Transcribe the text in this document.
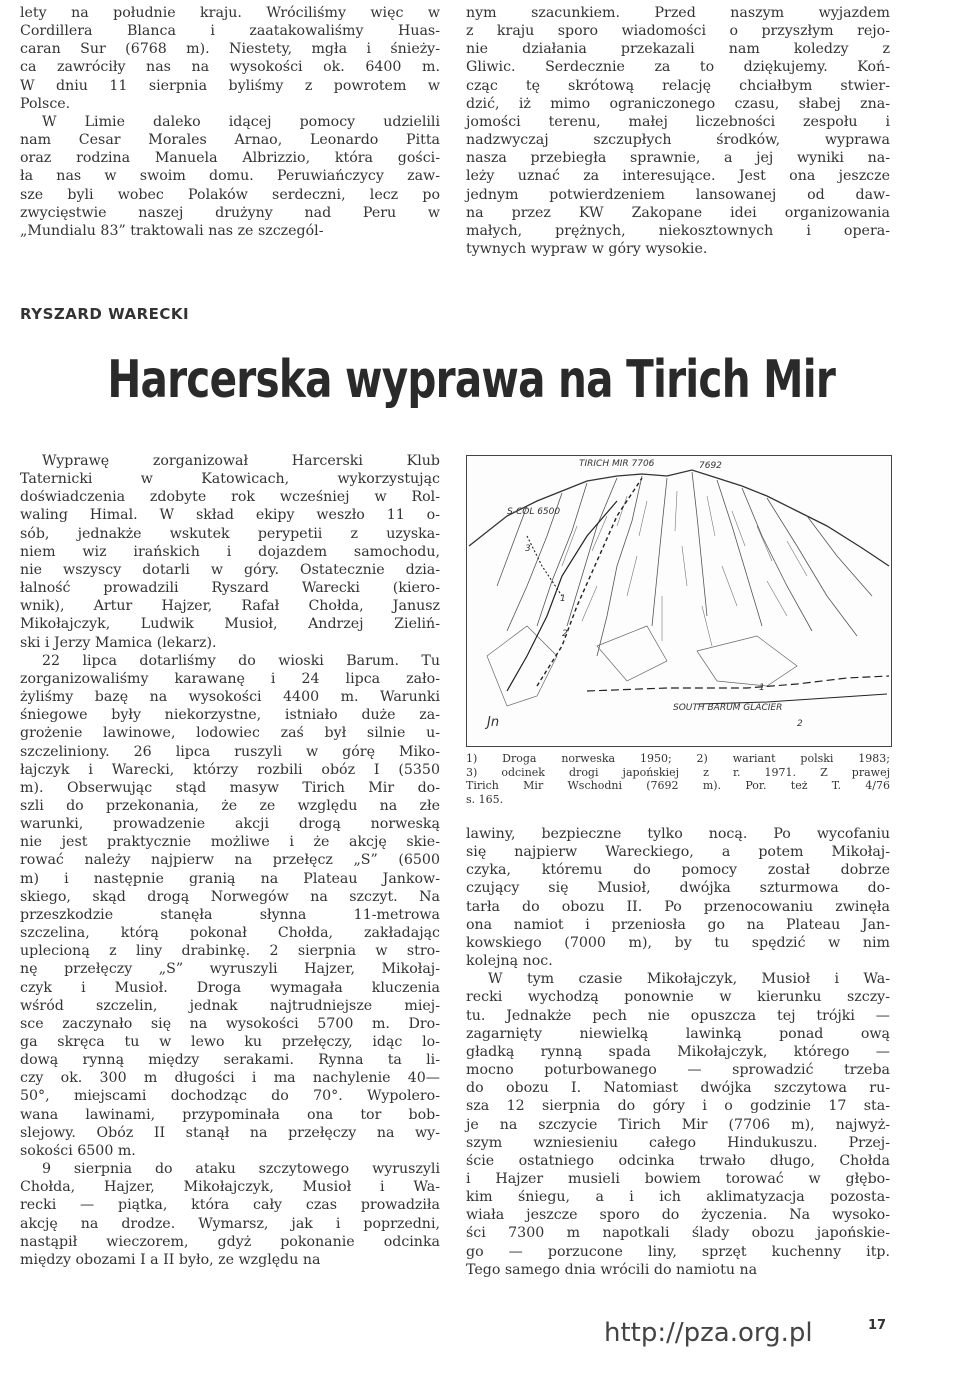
lety na południe kraju. Wróciliśmy więc w
Cordillera Blanca i zaatakowaliśmy Huas-
caran Sur (6768 m). Niestety, mgła i śnieży-
ca zawróciły nas na wysokości ok. 6400 m.
W dniu 11 sierpnia byliśmy z powrotem w
Polsce.
W Limie daleko idącej pomocy udzielili
nam Cesar Morales Arnao, Leonardo Pitta
oraz rodzina Manuela Albrizzio, która gości-
ła nas w swoim domu. Peruwiańczycy zaw-
sze byli wobec Polaków serdeczni, lecz po
zwycięstwie naszej drużyny nad Peru w
„Mundialu 83” traktowali nas ze szczegól-
nym szacunkiem. Przed naszym wyjazdem
z kraju sporo wiadomości o przyszłym rejo-
nie działania przekazali nam koledzy z
Gliwic. Serdecznie za to dziękujemy. Koń-
cząc tę skrótową relację chciałbym stwier-
dzić, iż mimo ograniczonego czasu, słabej zna-
jomości terenu, małej liczebności zespołu i
nadzwyczaj szczupłych środków, wyprawa
nasza przebiegła sprawnie, a jej wyniki na-
leży uznać za interesujące. Jest ona jeszcze
jednym potwierdzeniem lansowanej od daw-
na przez KW Zakopane idei organizowania
małych, prężnych, niekosztownych i opera-
tywnych wypraw w góry wysokie.
RYSZARD WARECKI
Harcerska wyprawa na Tirich Mir
Wyprawę zorganizował Harcerski Klub
Taternicki w Katowicach, wykorzystując
doświadczenia zdobyte rok wcześniej w Rol-
waling Himal. W skład ekipy weszło 11 o-
sób, jednakże wskutek perypetii z uzyska-
niem wiz irańskich i dojazdem samochodu,
nie wszyscy dotarli w góry. Ostatecznie dzia-
łalność prowadzili Ryszard Warecki (kiero-
wnik), Artur Hajzer, Rafał Chołda, Janusz
Mikołajczyk, Ludwik Musioł, Andrzej Zieliń-
ski i Jerzy Mamica (lekarz).
22 lipca dotarliśmy do wioski Barum. Tu
zorganizowaliśmy karawanę i 24 lipca zało-
żyliśmy bazę na wysokości 4400 m. Warunki
śniegowe były niekorzystne, istniało duże za-
grożenie lawinowe, lodowiec zaś był silnie u-
szczeliniony. 26 lipca ruszyli w górę Miko-
łajczyk i Warecki, którzy rozbili obóz I (5350
m). Obserwując stąd masyw Tirich Mir do-
szli do przekonania, że ze względu na złe
warunki, prowadzenie akcji drogą norweską
nie jest praktycznie możliwe i że akcję skie-
rować należy najpierw na przełęcz „S” (6500
m) i następnie granią na Plateau Jankow-
skiego, skąd drogą Norwegów na szczyt. Na
przeszkodzie stanęła słynna 11-metrowa
szczelina, którą pokonał Chołda, zakładając
uplecioną z liny drabinkę. 2 sierpnia w stro-
nę przełęczy „S” wyruszyli Hajzer, Mikołaj-
czyk i Musioł. Droga wymagała kluczenia
wśród szczelin, jednak najtrudniejsze miej-
sce zaczynało się na wysokości 5700 m. Dro-
ga skręca tu w lewo ku przełęczy, idąc lo-
dową rynną między serakami. Rynna ta li-
czy ok. 300 m długości i ma nachylenie 40—
50°, miejscami dochodząc do 70°. Wypolero-
wana lawinami, przypominała ona tor bob-
slejowy. Obóz II stanął na przełęczy na wy-
sokości 6500 m.
9 sierpnia do ataku szczytowego wyruszyli
Chołda, Hajzer, Mikołajczyk, Musioł i Wa-
recki — piątka, która cały czas prowadziła
akcję na drodze. Wymarsz, jak i poprzedni,
nastąpił wieczorem, gdyż pokonanie odcinka
między obozami I a II było, ze względu na
TIRICH MIR 7706	7692
S-COL 6500
SOUTH BARUM GLACIER
3
1
2
1
2
Jn
1) Droga norweska 1950; 2) wariant polski 1983;
3) odcinek drogi japońskiej z r. 1971. Z prawej
Tirich Mir Wschodni (7692 m). Por. też T. 4/76
s. 165.
lawiny, bezpieczne tylko nocą. Po wycofaniu
się najpierw Wareckiego, a potem Mikołaj-
czyka, któremu do pomocy został dobrze
czujący się Musioł, dwójka szturmowa do-
tarła do obozu II. Po przenocowaniu zwinęła
ona namiot i przeniosła go na Plateau Jan-
kowskiego (7000 m), by tu spędzić w nim
kolejną noc.
W tym czasie Mikołajczyk, Musioł i Wa-
recki wychodzą ponownie w kierunku szczy-
tu. Jednakże pech nie opuszcza tej trójki —
zagarnięty niewielką lawinką ponad ową
gładką rynną spada Mikołajczyk, którego —
mocno poturbowanego — sprowadzić trzeba
do obozu I. Natomiast dwójka szczytowa ru-
sza 12 sierpnia do góry i o godzinie 17 sta-
je na szczycie Tirich Mir (7706 m), najwyż-
szym wzniesieniu całego Hindukuszu. Przej-
ście ostatniego odcinka trwało długo, Chołda
i Hajzer musieli bowiem torować w głębo-
kim śniegu, a i ich aklimatyzacja pozosta-
wiała jeszcze sporo do życzenia. Na wysoko-
ści 7300 m napotkali ślady obozu japońskie-
go — porzucone liny, sprzęt kuchenny itp.
Tego samego dnia wrócili do namiotu na
http://pza.org.pl	17
